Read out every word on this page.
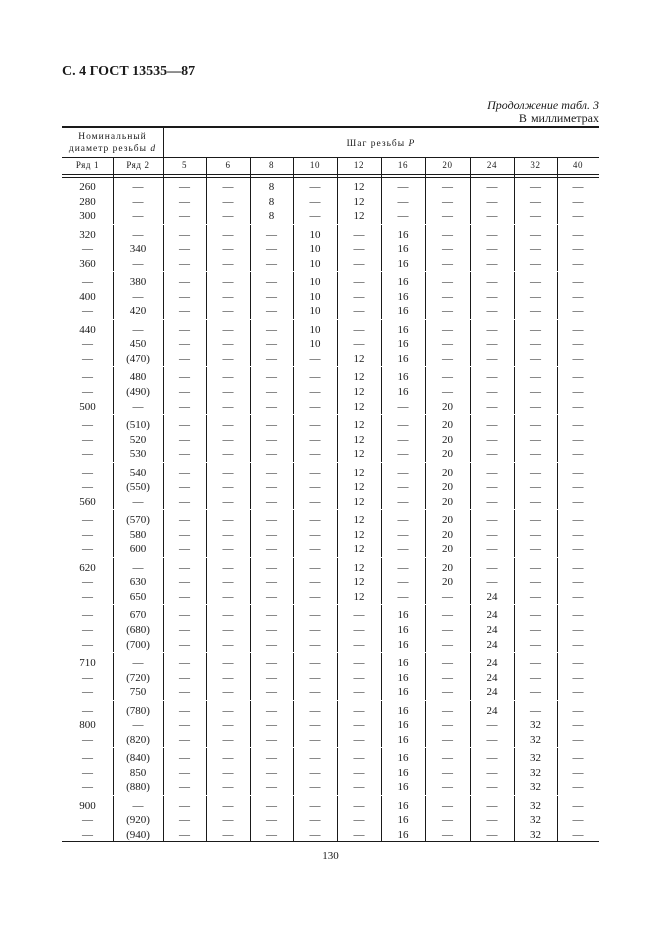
С. 4 ГОСТ 13535—87
Продолжение табл. 3
В миллиметрах
Номинальный
диаметр резьбы d	Шаг резьбы P
Ряд 1	Ряд 2	5	6	8	10	12	16	20	24	32	40
260	—	—	—	8	—	12	—	—	—	—	—
280	—	—	—	8	—	12	—	—	—	—	—
300	—	—	—	8	—	12	—	—	—	—	—
320	—	—	—	—	10	—	16	—	—	—	—
—	340	—	—	—	10	—	16	—	—	—	—
360	—	—	—	—	10	—	16	—	—	—	—
—	380	—	—	—	10	—	16	—	—	—	—
400	—	—	—	—	10	—	16	—	—	—	—
—	420	—	—	—	10	—	16	—	—	—	—
440	—	—	—	—	10	—	16	—	—	—	—
—	450	—	—	—	10	—	16	—	—	—	—
—	(470)	—	—	—	—	12	16	—	—	—	—
—	480	—	—	—	—	12	16	—	—	—	—
—	(490)	—	—	—	—	12	16	—	—	—	—
500	—	—	—	—	—	12	—	20	—	—	—
—	(510)	—	—	—	—	12	—	20	—	—	—
—	520	—	—	—	—	12	—	20	—	—	—
—	530	—	—	—	—	12	—	20	—	—	—
—	540	—	—	—	—	12	—	20	—	—	—
—	(550)	—	—	—	—	12	—	20	—	—	—
560	—	—	—	—	—	12	—	20	—	—	—
—	(570)	—	—	—	—	12	—	20	—	—	—
—	580	—	—	—	—	12	—	20	—	—	—
—	600	—	—	—	—	12	—	20	—	—	—
620	—	—	—	—	—	12	—	20	—	—	—
—	630	—	—	—	—	12	—	20	—	—	—
—	650	—	—	—	—	12	—	—	24	—	—
—	670	—	—	—	—	—	16	—	24	—	—
—	(680)	—	—	—	—	—	16	—	24	—	—
—	(700)	—	—	—	—	—	16	—	24	—	—
710	—	—	—	—	—	—	16	—	24	—	—
—	(720)	—	—	—	—	—	16	—	24	—	—
—	750	—	—	—	—	—	16	—	24	—	—
—	(780)	—	—	—	—	—	16	—	24	—	—
800	—	—	—	—	—	—	16	—	—	32	—
—	(820)	—	—	—	—	—	16	—	—	32	—
—	(840)	—	—	—	—	—	16	—	—	32	—
—	850	—	—	—	—	—	16	—	—	32	—
—	(880)	—	—	—	—	—	16	—	—	32	—
900	—	—	—	—	—	—	16	—	—	32	—
—	(920)	—	—	—	—	—	16	—	—	32	—
—	(940)	—	—	—	—	—	16	—	—	32	—
130
